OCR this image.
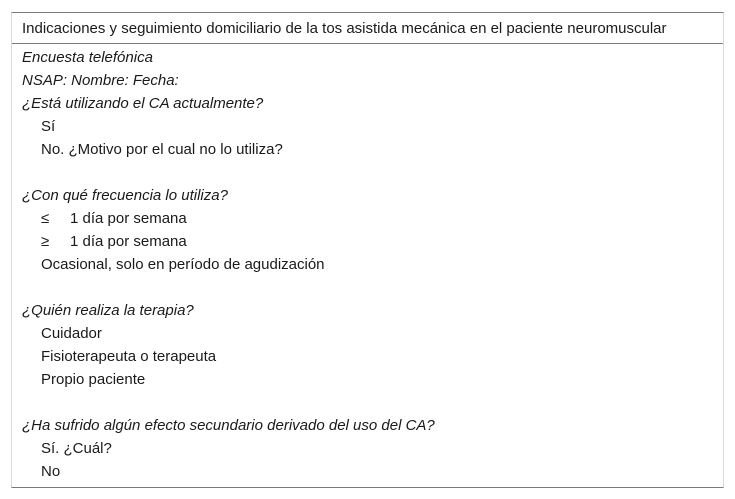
Indicaciones y seguimiento domiciliario de la tos asistida mecánica en el paciente neuromuscular
Encuesta telefónica
NSAP: Nombre: Fecha:
¿Está utilizando el CA actualmente?
Sí
No. ¿Motivo por el cual no lo utiliza?
¿Con qué frecuencia lo utiliza?
≤ 1 día por semana
≥ 1 día por semana
Ocasional, solo en período de agudización
¿Quién realiza la terapia?
Cuidador
Fisioterapeuta o terapeuta
Propio paciente
¿Ha sufrido algún efecto secundario derivado del uso del CA?
Sí. ¿Cuál?
No
